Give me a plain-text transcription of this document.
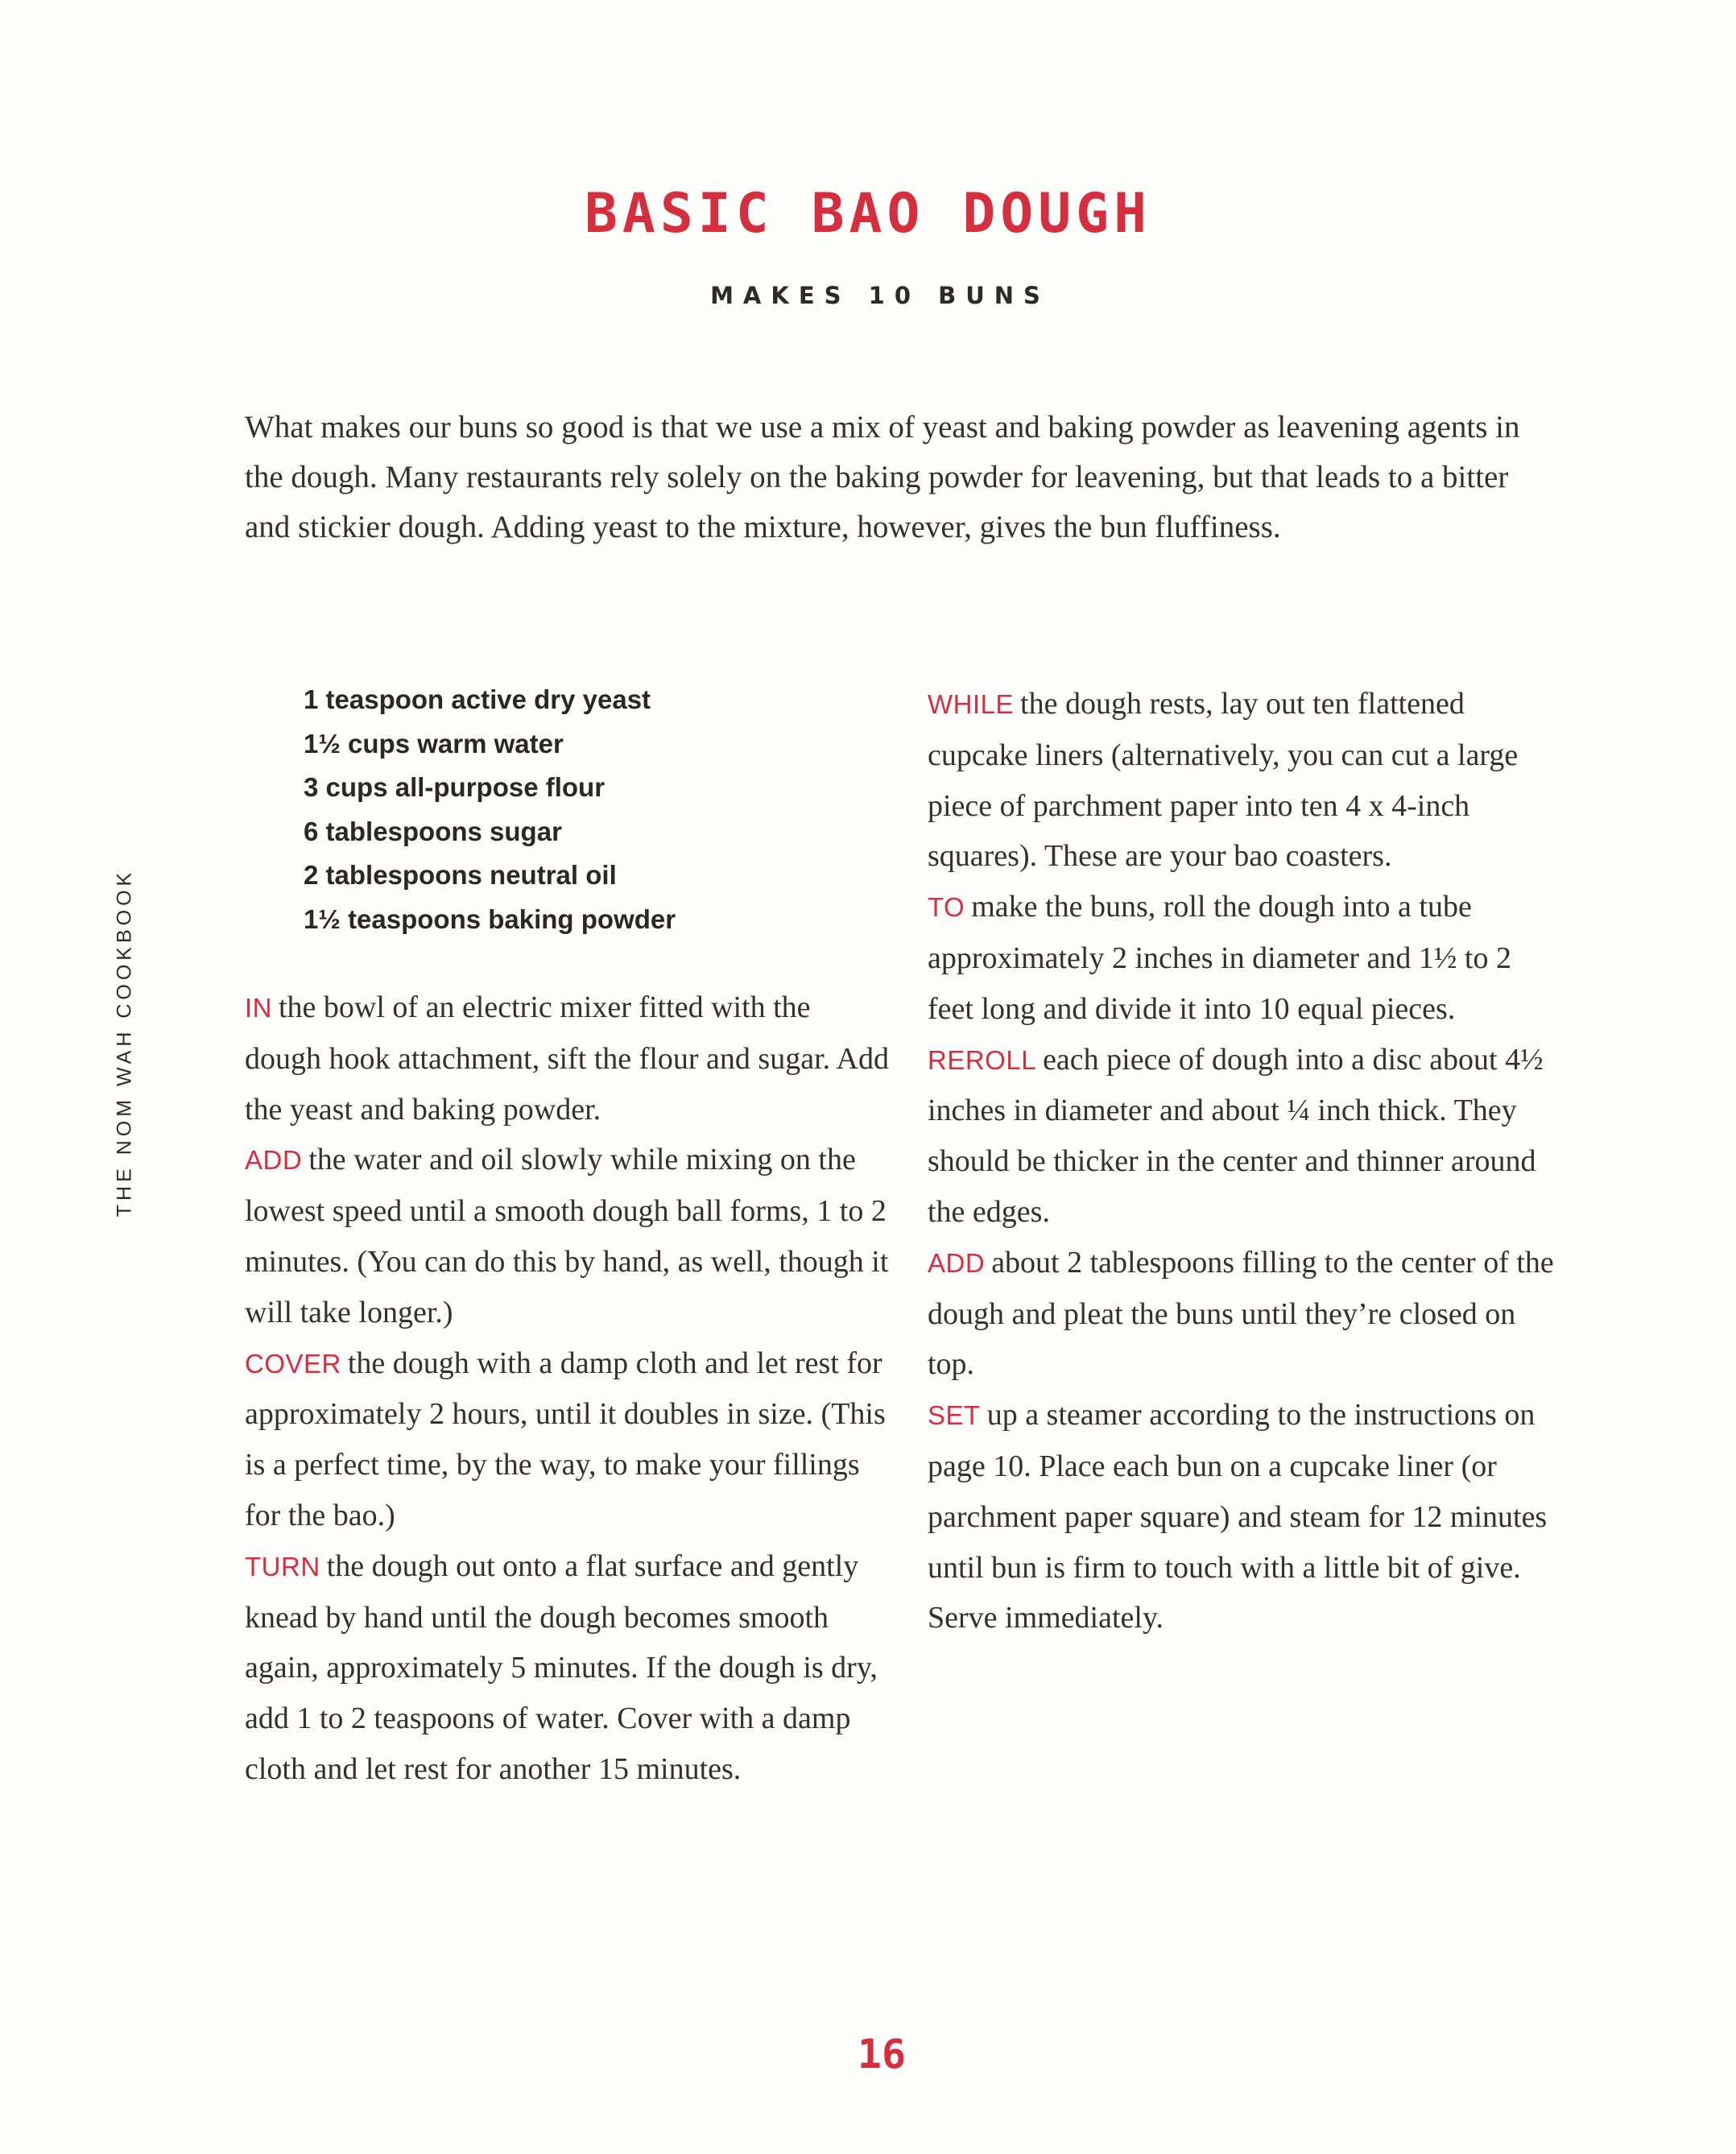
THE NOM WAH COOKBOOK
BASIC BAO DOUGH
MAKES 10 BUNS

What makes our buns so good is that we use a mix of yeast and baking powder as leavening agents in the dough. Many restaurants rely solely on the baking powder for leavening, but that leads to a bitter and stickier dough. Adding yeast to the mixture, however, gives the bun fluffiness.

1 teaspoon active dry yeast
1½ cups warm water
3 cups all-purpose flour
6 tablespoons sugar
2 tablespoons neutral oil
1½ teaspoons baking powder

IN the bowl of an electric mixer fitted with the dough hook attachment, sift the flour and sugar. Add the yeast and baking powder.

ADD the water and oil slowly while mixing on the lowest speed until a smooth dough ball forms, 1 to 2 minutes. (You can do this by hand, as well, though it will take longer.)

COVER the dough with a damp cloth and let rest for approximately 2 hours, until it doubles in size. (This is a perfect time, by the way, to make your fillings for the bao.)

TURN the dough out onto a flat surface and gently knead by hand until the dough becomes smooth again, approximately 5 minutes. If the dough is dry, add 1 to 2 teaspoons of water. Cover with a damp cloth and let rest for another 15 minutes.

WHILE the dough rests, lay out ten flattened cupcake liners (alternatively, you can cut a large piece of parchment paper into ten 4 x 4-inch squares). These are your bao coasters.

TO make the buns, roll the dough into a tube approximately 2 inches in diameter and 1½ to 2 feet long and divide it into 10 equal pieces.

REROLL each piece of dough into a disc about 4½ inches in diameter and about ¼ inch thick. They should be thicker in the center and thinner around the edges.

ADD about 2 tablespoons filling to the center of the dough and pleat the buns until they’re closed on top.

SET up a steamer according to the instructions on page 10. Place each bun on a cupcake liner (or parchment paper square) and steam for 12 minutes until bun is firm to touch with a little bit of give. Serve immediately.

16
